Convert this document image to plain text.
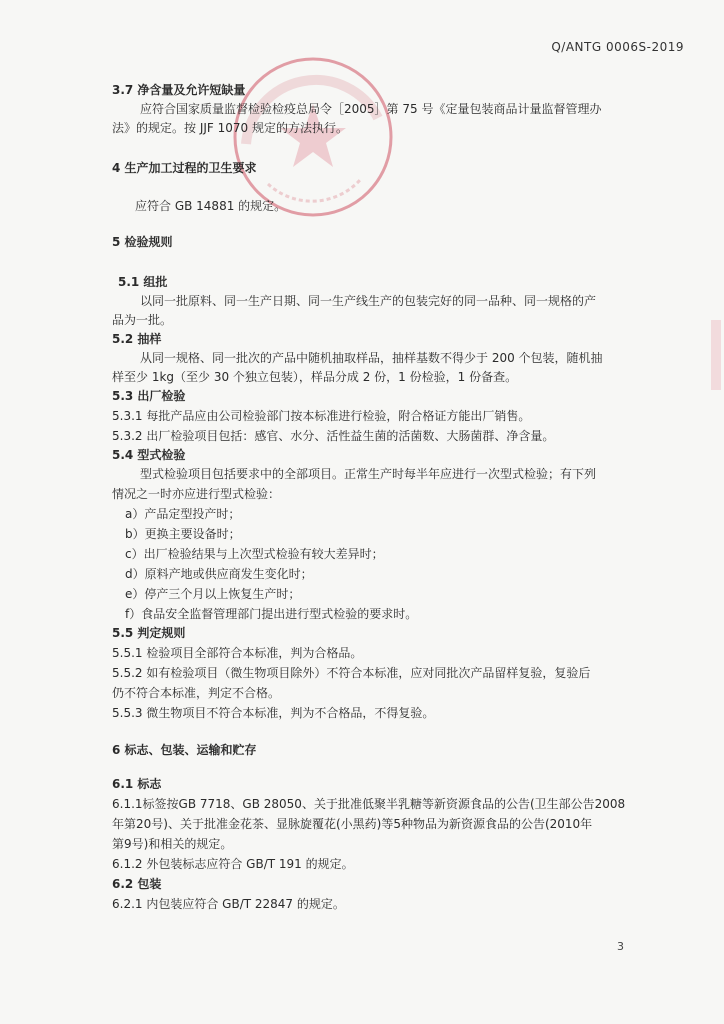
Q/ANTG 0006S-2019
3.7 净含量及允许短缺量
应符合国家质量监督检验检疫总局令［2005］第 75 号《定量包装商品计量监督管理办
法》的规定。按 JJF 1070 规定的方法执行。
4 生产加工过程的卫生要求
应符合 GB 14881 的规定。
5 检验规则
5.1 组批
以同一批原料、同一生产日期、同一生产线生产的包装完好的同一品种、同一规格的产
品为一批。
5.2 抽样
从同一规格、同一批次的产品中随机抽取样品，抽样基数不得少于 200 个包装，随机抽
样至少 1kg（至少 30 个独立包装），样品分成 2 份，1 份检验，1 份备查。
5.3 出厂检验
5.3.1 每批产品应由公司检验部门按本标准进行检验，附合格证方能出厂销售。
5.3.2 出厂检验项目包括：感官、水分、活性益生菌的活菌数、大肠菌群、净含量。
5.4 型式检验
型式检验项目包括要求中的全部项目。正常生产时每半年应进行一次型式检验；有下列
情况之一时亦应进行型式检验：
a）产品定型投产时；
b）更换主要设备时；
c）出厂检验结果与上次型式检验有较大差异时；
d）原料产地或供应商发生变化时；
e）停产三个月以上恢复生产时；
f）食品安全监督管理部门提出进行型式检验的要求时。
5.5 判定规则
5.5.1 检验项目全部符合本标准，判为合格品。
5.5.2 如有检验项目（微生物项目除外）不符合本标准，应对同批次产品留样复验，复验后
仍不符合本标准，判定不合格。
5.5.3 微生物项目不符合本标准，判为不合格品，不得复验。
6 标志、包装、运输和贮存
6.1 标志
6.1.1标签按GB 7718、GB 28050、关于批准低聚半乳糖等新资源食品的公告(卫生部公告2008
年第20号)、关于批准金花茶、显脉旋覆花(小黑药)等5种物品为新资源食品的公告(2010年
第9号)和相关的规定。
6.1.2 外包装标志应符合 GB/T 191 的规定。
6.2 包装
6.2.1 内包装应符合 GB/T 22847 的规定。
3
